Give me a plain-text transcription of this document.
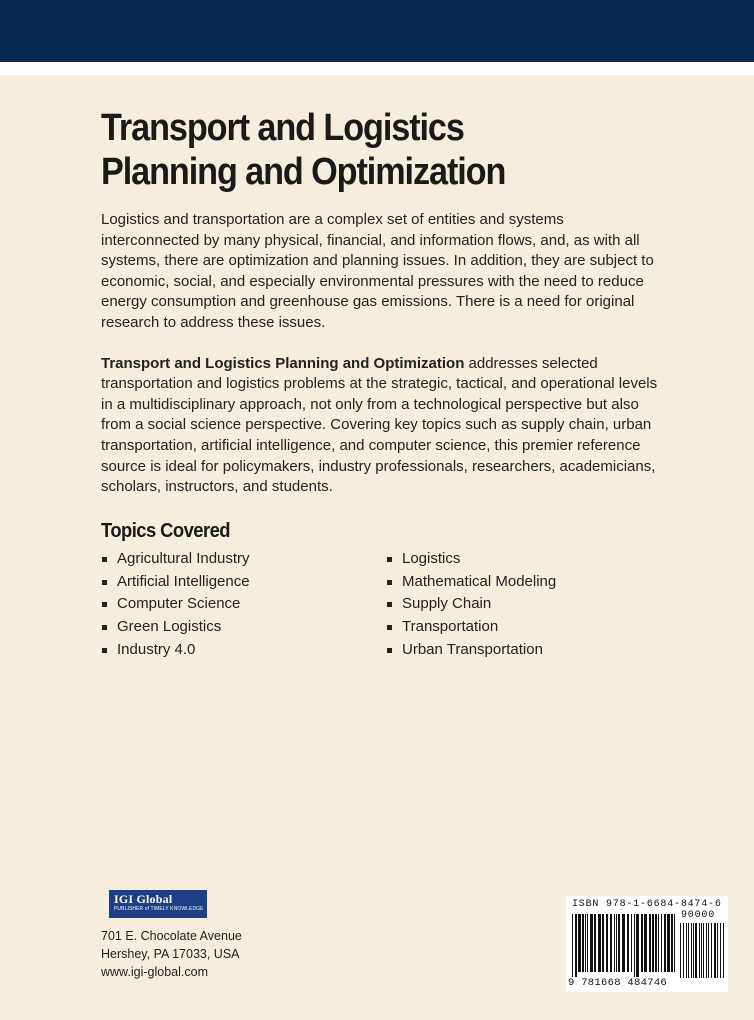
Transport and Logistics
Planning and Optimization

Logistics and transportation are a complex set of entities and systems interconnected by many physical, financial, and information flows, and, as with all systems, there are optimization and planning issues. In addition, they are subject to economic, social, and especially environmental pressures with the need to reduce energy consumption and greenhouse gas emissions. There is a need for original research to address these issues.

Transport and Logistics Planning and Optimization addresses selected transportation and logistics problems at the strategic, tactical, and operational levels in a multidisciplinary approach, not only from a technological perspective but also from a social science perspective. Covering key topics such as supply chain, urban transportation, artificial intelligence, and computer science, this premier reference source is ideal for policymakers, industry professionals, researchers, academicians, scholars, instructors, and students.

Topics Covered
Agricultural Industry
Artificial Intelligence
Computer Science
Green Logistics
Industry 4.0
Logistics
Mathematical Modeling
Supply Chain
Transportation
Urban Transportation
IGI Global
PUBLISHER of TIMELY KNOWLEDGE
701 E. Chocolate Avenue
Hershey, PA 17033, USA
www.igi-global.com
ISBN 978-1-6684-8474-6
90000
9 781668 484746
